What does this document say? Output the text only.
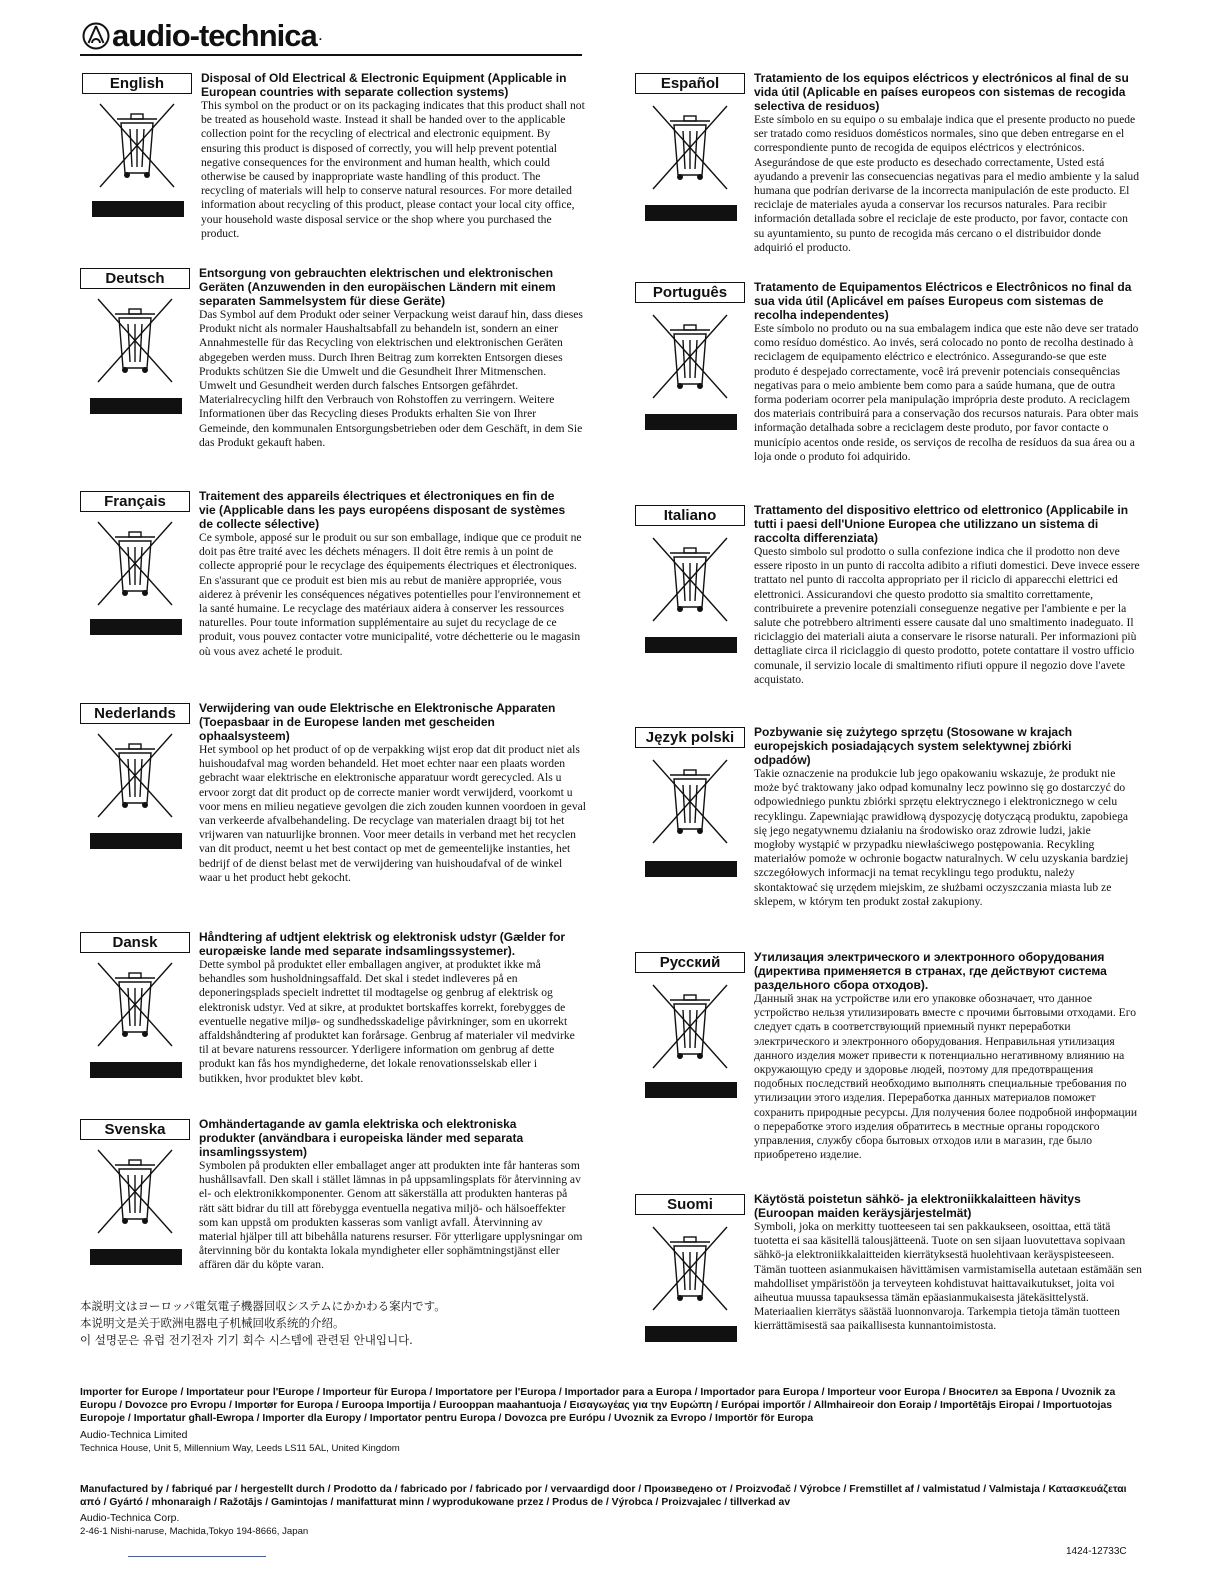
audio-technica .
English	Disposal of Old Electrical & Electronic Equipment (Applicable in European countries with separate collection systems)

This symbol on the product or on its packaging indicates that this product shall not be treated as household waste. Instead it shall be handed over to the applicable collection point for the recycling of electrical and electronic equipment. By ensuring this product is disposed of correctly, you will help prevent potential negative consequences for the environment and human health, which could otherwise be caused by inappropriate waste handling of this product. The recycling of materials will help to conserve natural resources. For more detailed information about recycling of this product, please contact your local city office, your household waste disposal service or the shop where you purchased the product.

Deutsch	Entsorgung von gebrauchten elektrischen und elektronischen Geräten (Anzuwenden in den europäischen Ländern mit einem separaten Sammelsystem für diese Geräte)

Das Symbol auf dem Produkt oder seiner Verpackung weist darauf hin, dass dieses Produkt nicht als normaler Haushaltsabfall zu behandeln ist, sondern an einer Annahmestelle für das Recycling von elektrischen und elektronischen Geräten abgegeben werden muss. Durch Ihren Beitrag zum korrekten Entsorgen dieses Produkts schützen Sie die Umwelt und die Gesundheit Ihrer Mitmenschen. Umwelt und Gesundheit werden durch falsches Entsorgen gefährdet. Materialrecycling hilft den Verbrauch von Rohstoffen zu verringern. Weitere Informationen über das Recycling dieses Produkts erhalten Sie von Ihrer Gemeinde, den kommunalen Entsorgungsbetrieben oder dem Geschäft, in dem Sie das Produkt gekauft haben.

Français	Traitement des appareils électriques et électroniques en fin de vie (Applicable dans les pays européens disposant de systèmes de collecte sélective)

Ce symbole, apposé sur le produit ou sur son emballage, indique que ce produit ne doit pas être traité avec les déchets ménagers. Il doit être remis à un point de collecte approprié pour le recyclage des équipements électriques et électroniques. En s'assurant que ce produit est bien mis au rebut de manière appropriée, vous aiderez à prévenir les conséquences négatives potentielles pour l'environnement et la santé humaine. Le recyclage des matériaux aidera à conserver les ressources naturelles. Pour toute information supplémentaire au sujet du recyclage de ce produit, vous pouvez contacter votre municipalité, votre déchetterie ou le magasin où vous avez acheté le produit.

Nederlands	Verwijdering van oude Elektrische en Elektronische Apparaten (Toepasbaar in de Europese landen met gescheiden ophaalsysteem)

Het symbool op het product of op de verpakking wijst erop dat dit product niet als huishoudafval mag worden behandeld. Het moet echter naar een plaats worden gebracht waar elektrische en elektronische apparatuur wordt gerecycled. Als u ervoor zorgt dat dit product op de correcte manier wordt verwijderd, voorkomt u voor mens en milieu negatieve gevolgen die zich zouden kunnen voordoen in geval van verkeerde afvalbehandeling. De recyclage van materialen draagt bij tot het vrijwaren van natuurlijke bronnen. Voor meer details in verband met het recyclen van dit product, neemt u het best contact op met de gemeentelijke instanties, het bedrijf of de dienst belast met de verwijdering van huishoudafval of de winkel waar u het product hebt gekocht.

Dansk	Håndtering af udtjent elektrisk og elektronisk udstyr (Gælder for europæiske lande med separate indsamlingssystemer).

Dette symbol på produktet eller emballagen angiver, at produktet ikke må behandles som husholdningsaffald. Det skal i stedet indleveres på en deponeringsplads specielt indrettet til modtagelse og genbrug af elektrisk og elektronisk udstyr. Ved at sikre, at produktet bortskaffes korrekt, forebygges de eventuelle negative miljø- og sundhedsskadelige påvirkninger, som en ukorrekt affaldshåndtering af produktet kan forårsage. Genbrug af materialer vil medvirke til at bevare naturens ressourcer. Yderligere information om genbrug af dette produkt kan fås hos myndighederne, det lokale renovationsselskab eller i butikken, hvor produktet blev købt.

Svenska	Omhändertagande av gamla elektriska och elektroniska produkter (användbara i europeiska länder med separata insamlingssystem)

Symbolen på produkten eller emballaget anger att produkten inte får hanteras som hushållsavfall. Den skall i stället lämnas in på uppsamlingsplats för återvinning av el- och elektronikkomponenter. Genom att säkerställa att produkten hanteras på rätt sätt bidrar du till att förebygga eventuella negativa miljö- och hälsoeffekter som kan uppstå om produkten kasseras som vanligt avfall. Återvinning av material hjälper till att bibehålla naturens resurser. För ytterligare upplysningar om återvinning bör du kontakta lokala myndigheter eller sophämtningstjänst eller affären där du köpte varan.

Español	Tratamiento de los equipos eléctricos y electrónicos al final de su vida útil (Aplicable en países europeos con sistemas de recogida selectiva de residuos)

Este símbolo en su equipo o su embalaje indica que el presente producto no puede ser tratado como residuos domésticos normales, sino que deben entregarse en el correspondiente punto de recogida de equipos eléctricos y electrónicos. Asegurándose de que este producto es desechado correctamente, Usted está ayudando a prevenir las consecuencias negativas para el medio ambiente y la salud humana que podrían derivarse de la incorrecta manipulación de este producto. El reciclaje de materiales ayuda a conservar los recursos naturales. Para recibir información detallada sobre el reciclaje de este producto, por favor, contacte con su ayuntamiento, su punto de recogida más cercano o el distribuidor donde adquirió el producto.

Português	Tratamento de Equipamentos Eléctricos e Electrônicos no final da sua vida útil (Aplicável em países Europeus com sistemas de recolha independentes)

Este símbolo no produto ou na sua embalagem indica que este não deve ser tratado como resíduo doméstico. Ao invés, será colocado no ponto de recolha destinado à reciclagem de equipamento eléctrico e electrónico. Assegurando-se que este produto é despejado correctamente, você irá prevenir potenciais consequências negativas para o meio ambiente bem como para a saúde humana, que de outra forma poderiam ocorrer pela manipulação imprópria deste produto. A reciclagem dos materiais contribuirá para a conservação dos recursos naturais. Para obter mais informação detalhada sobre a reciclagem deste produto, por favor contacte o município acentos onde reside, os serviços de recolha de resíduos da sua área ou a loja onde o produto foi adquirido.

Italiano	Trattamento del dispositivo elettrico od elettronico (Applicabile in tutti i paesi dell'Unione Europea che utilizzano un sistema di raccolta differenziata)

Questo simbolo sul prodotto o sulla confezione indica che il prodotto non deve essere riposto in un punto di raccolta adibito a rifiuti domestici. Deve invece essere trattato nel punto di raccolta appropriato per il riciclo di apparecchi elettrici ed elettronici. Assicurandovi che questo prodotto sia smaltito correttamente, contribuirete a prevenire potenziali conseguenze negative per l'ambiente e per la salute che potrebbero altrimenti essere causate dal uno smaltimento inadeguato. Il riciclaggio dei materiali aiuta a conservare le risorse naturali. Per informazioni più dettagliate circa il riciclaggio di questo prodotto, potete contattare il vostro ufficio comunale, il servizio locale di smaltimento rifiuti oppure il negozio dove l'avete acquistato.

Język polski	Pozbywanie się zużytego sprzętu (Stosowane w krajach europejskich posiadających system selektywnej zbiórki odpadów)

Takie oznaczenie na produkcie lub jego opakowaniu wskazuje, że produkt nie może być traktowany jako odpad komunalny lecz powinno się go dostarczyć do odpowiedniego punktu zbiórki sprzętu elektrycznego i elektronicznego w celu recyklingu. Zapewniając prawidłową dyspozycję dotyczącą produktu, zapobiega się jego negatywnemu działaniu na środowisko oraz zdrowie ludzi, jakie mogłoby wystąpić w przypadku niewłaściwego postępowania. Recykling materiałów pomoże w ochronie bogactw naturalnych. W celu uzyskania bardziej szczegółowych informacji na temat recyklingu tego produktu, należy skontaktować się urzędem miejskim, ze służbami oczyszczania miasta lub ze sklepem, w którym ten produkt został zakupiony.

Русский	Утилизация электрического и электронного оборудования (директива применяется в странах, где действуют система раздельного сбора отходов).

Данный знак на устройстве или его упаковке обозначает, что данное устройство нельзя утилизировать вместе с прочими бытовыми отходами. Его следует сдать в соответствующий приемный пункт переработки электрического и электронного оборудования. Неправильная утилизация данного изделия может привести к потенциально негативному влиянию на окружающую среду и здоровье людей, поэтому для предотвращения подобных последствий необходимо выполнять специальные требования по утилизации этого изделия. Переработка данных материалов поможет сохранить природные ресурсы. Для получения более подробной информации о переработке этого изделия обратитесь в местные органы городского управления, службу сбора бытовых отходов или в магазин, где было приобретено изделие.

Suomi	Käytöstä poistetun sähkö- ja elektroniikkalaitteen hävitys (Euroopan maiden keräysjärjestelmät)

Symboli, joka on merkitty tuotteeseen tai sen pakkaukseen, osoittaa, että tätä tuotetta ei saa käsitellä talousjätteenä. Tuote on sen sijaan luovutettava sopivaan sähkö-ja elektroniikkalaitteiden kierrätyksestä huolehtivaan keräyspisteeseen. Tämän tuotteen asianmukaisen hävittämisen varmistamisella autetaan estämään sen mahdolliset ympäristöön ja terveyteen kohdistuvat haittavaikutukset, joita voi aiheutua muussa tapauksessa tämän epäasianmukaisesta jätekäsittelystä. Materiaalien kierrätys säästää luonnonvaroja. Tarkempia tietoja tämän tuotteen kierrättämisestä saa paikallisesta kunnantoimistosta.

本説明文はヨーロッパ電気電子機器回収システムにかかわる案内です。
本说明文是关于欧洲电器电子机械回收系统的介绍。
이 설명문은 유럽 전기전자 기기 회수 시스템에 관련된 안내입니다.
Importer for Europe / Importateur pour l'Europe / Importeur für Europa / Importatore per l'Europa / Importador para a Europa / Importador para Europa / Importeur voor Europa / Вноситeл за Европа / Uvoznik za Europu / Dovozce pro Evropu / Importør for Europa / Euroopa Importija / Eurooppan maahantuoja / Εισαγωγέας για την Ευρώπη / Európai importőr / Allmhaireoir don Eoraip / Importētājs Eiropai / Importuotojas Europoje / Importatur għall-Ewropa / Importer dla Europy / Importator pentru Europa / Dovozca pre Európu / Uvoznik za Evropo / Importör för Europa
Audio-Technica Limited
Technica House, Unit 5, Millennium Way, Leeds LS11 5AL, United Kingdom
Manufactured by / fabriqué par / hergestellt durch / Prodotto da / fabricado por / fabricado por / vervaardigd door / Произведено от / Proizvođač / Výrobce / Fremstillet af / valmistatud / Valmistaja / Κατασκευάζεται από / Gyártó / mhonaraigh / Ražotājs / Gamintojas / manifatturat minn / wyprodukowane przez / Produs de / Výrobca / Proizvajalec / tillverkad av
Audio-Technica Corp.
2-46-1 Nishi-naruse, Machida,Tokyo 194-8666, Japan
1424-12733C
